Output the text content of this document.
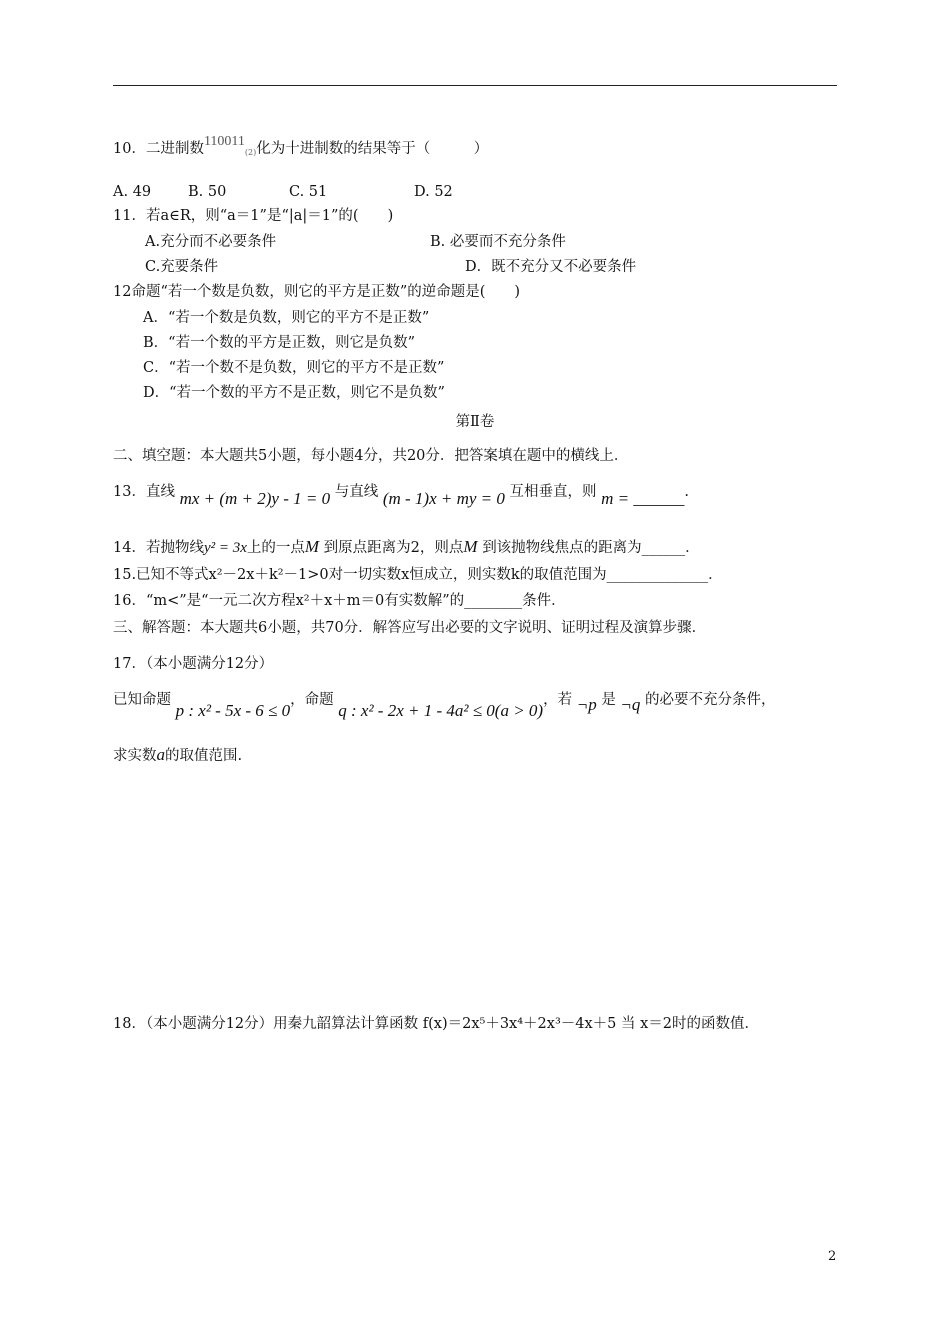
10．二进制数110011(2)化为十进制数的结果等于（　　　）
A. 49	B. 50	C. 51	D. 52
11．若a∈R，则“a＝1”是“|a|＝1”的(　　)
A.充分而不必要条件	B. 必要而不充分条件
C.充要条件	D．既不充分又不必要条件
12命题“若一个数是负数，则它的平方是正数”的逆命题是(　　)
A．“若一个数是负数，则它的平方不是正数”
B．“若一个数的平方是正数，则它是负数”
C．“若一个数不是负数，则它的平方不是正数”
D．“若一个数的平方不是正数，则它不是负数”
第Ⅱ卷
二、填空题：本大题共5小题，每小题4分，共20分．把答案填在题中的横线上．
13．直线 mx + (m + 2)y - 1 = 0 与直线 (m - 1)x + my = 0 互相垂直，则 m = ______.
14．若抛物线y² = 3x上的一点M 到原点距离为2，则点M 到该抛物线焦点的距离为______．
15.已知不等式x²－2x＋k²－1>0对一切实数x恒成立，则实数k的取值范围为______________．
16．“m<”是“一元二次方程x²＋x＋m＝0有实数解”的________条件．
三、解答题：本大题共6小题，共70分．解答应写出必要的文字说明、证明过程及演算步骤．
17．（本小题满分12分）
已知命题 p : x² - 5x - 6 ≤ 0，命题 q : x² - 2x + 1 - 4a² ≤ 0(a > 0)，若 ¬p 是 ¬q 的必要不充分条件，
求实数a的取值范围.
18．（本小题满分12分）用秦九韶算法计算函数 f(x)＝2x⁵＋3x⁴＋2x³－4x＋5 当 x＝2时的函数值．
2
